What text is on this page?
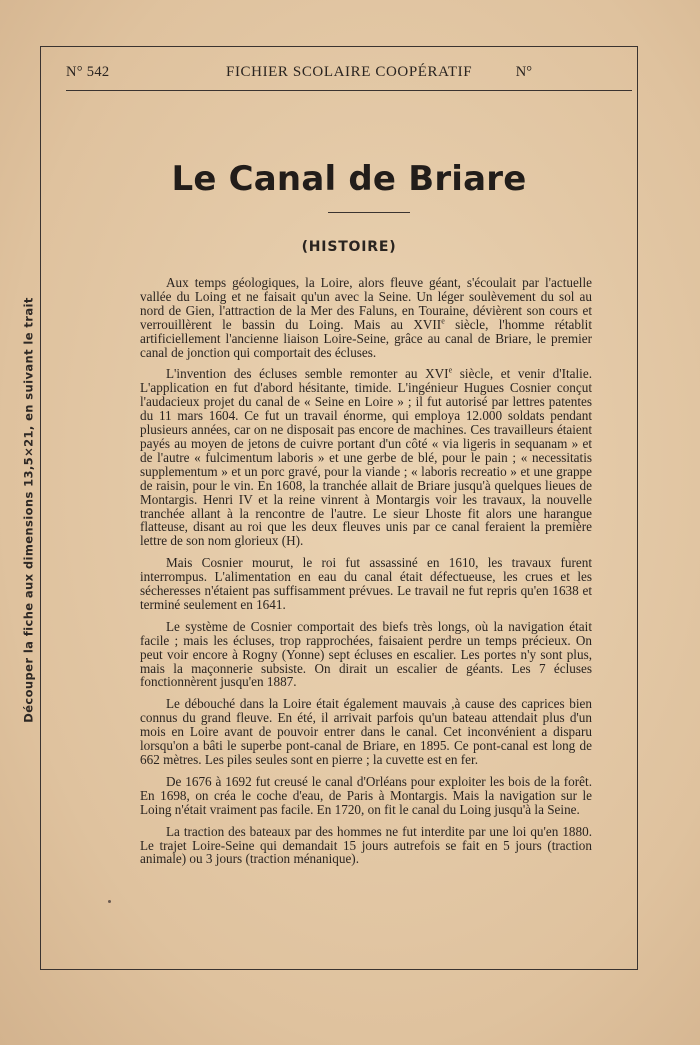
Découper la fiche aux dimensions 13,5×21, en suivant le trait
N° 542	FICHIER SCOLAIRE COOPÉRATIF	N°
Le Canal de Briare
(HISTOIRE)

Aux temps géologiques, la Loire, alors fleuve géant, s'écoulait par l'actuelle vallée du Loing et ne faisait qu'un avec la Seine. Un léger soulèvement du sol au nord de Gien, l'attraction de la Mer des Faluns, en Touraine, dévièrent son cours et verrouillèrent le bassin du Loing. Mais au XVIIe siècle, l'homme rétablit artificiellement l'ancienne liaison Loire-Seine, grâce au canal de Briare, le premier canal de jonction qui comportait des écluses.

L'invention des écluses semble remonter au XVIe siècle, et venir d'Italie. L'application en fut d'abord hésitante, timide. L'ingénieur Hugues Cosnier conçut l'audacieux projet du canal de « Seine en Loire » ; il fut autorisé par lettres patentes du 11 mars 1604. Ce fut un travail énorme, qui employa 12.000 soldats pendant plusieurs années, car on ne disposait pas encore de machines. Ces travailleurs étaient payés au moyen de jetons de cuivre portant d'un côté « via ligeris in sequanam » et de l'autre « fulcimentum laboris » et une gerbe de blé, pour le pain ; « necessitatis supplementum » et un porc gravé, pour la viande ; « laboris recreatio » et une grappe de raisin, pour le vin. En 1608, la tranchée allait de Briare jusqu'à quelques lieues de Montargis. Henri IV et la reine vinrent à Montargis voir les travaux, la nouvelle tranchée allant à la rencontre de l'autre. Le sieur Lhoste fit alors une harangue flatteuse, disant au roi que les deux fleuves unis par ce canal feraient la première lettre de son nom glorieux (H).

Mais Cosnier mourut, le roi fut assassiné en 1610, les travaux furent interrompus. L'alimentation en eau du canal était défectueuse, les crues et les sécheresses n'étaient pas suffisamment prévues. Le travail ne fut repris qu'en 1638 et terminé seulement en 1641.

Le système de Cosnier comportait des biefs très longs, où la navigation était facile ; mais les écluses, trop rapprochées, faisaient perdre un temps précieux. On peut voir encore à Rogny (Yonne) sept écluses en escalier. Les portes n'y sont plus, mais la maçonnerie subsiste. On dirait un escalier de géants. Les 7 écluses fonctionnèrent jusqu'en 1887.

Le débouché dans la Loire était également mauvais ,à cause des caprices bien connus du grand fleuve. En été, il arrivait parfois qu'un bateau attendait plus d'un mois en Loire avant de pouvoir entrer dans le canal. Cet inconvénient a disparu lorsqu'on a bâti le superbe pont-canal de Briare, en 1895. Ce pont-canal est long de 662 mètres. Les piles seules sont en pierre ; la cuvette est en fer.

De 1676 à 1692 fut creusé le canal d'Orléans pour exploiter les bois de la forêt. En 1698, on créa le coche d'eau, de Paris à Montargis. Mais la navigation sur le Loing n'était vraiment pas facile. En 1720, on fit le canal du Loing jusqu'à la Seine.

La traction des bateaux par des hommes ne fut interdite par une loi qu'en 1880. Le trajet Loire-Seine qui demandait 15 jours autrefois se fait en 5 jours (traction animale) ou 3 jours (traction ménanique).
